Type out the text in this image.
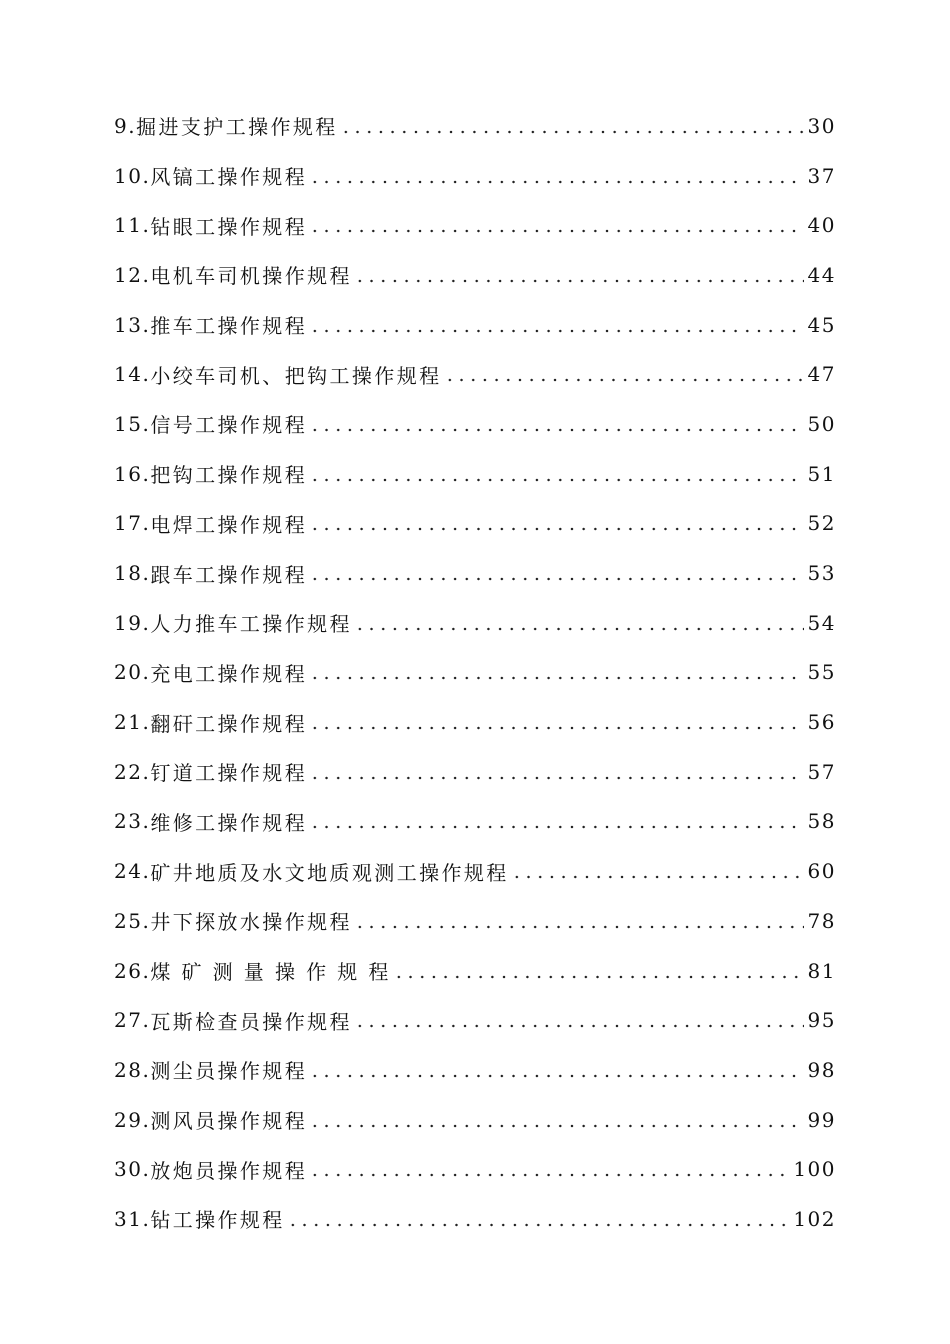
9. 掘进支护工操作规程	30
10. 风镐工操作规程	37
11. 钻眼工操作规程	40
12. 电机车司机操作规程	44
13. 推车工操作规程	45
14. 小绞车司机、把钩工操作规程	47
15. 信号工操作规程	50
16. 把钩工操作规程	51
17. 电焊工操作规程	52
18. 跟车工操作规程	53
19. 人力推车工操作规程	54
20. 充电工操作规程	55
21. 翻矸工操作规程	56
22. 钉道工操作规程	57
23. 维修工操作规程	58
24. 矿井地质及水文地质观测工操作规程	60
25. 井下探放水操作规程	78
26. 煤 矿 测 量 操 作 规 程	81
27. 瓦斯检查员操作规程	95
28. 测尘员操作规程	98
29. 测风员操作规程	99
30. 放炮员操作规程	100
31. 钻工操作规程	102
